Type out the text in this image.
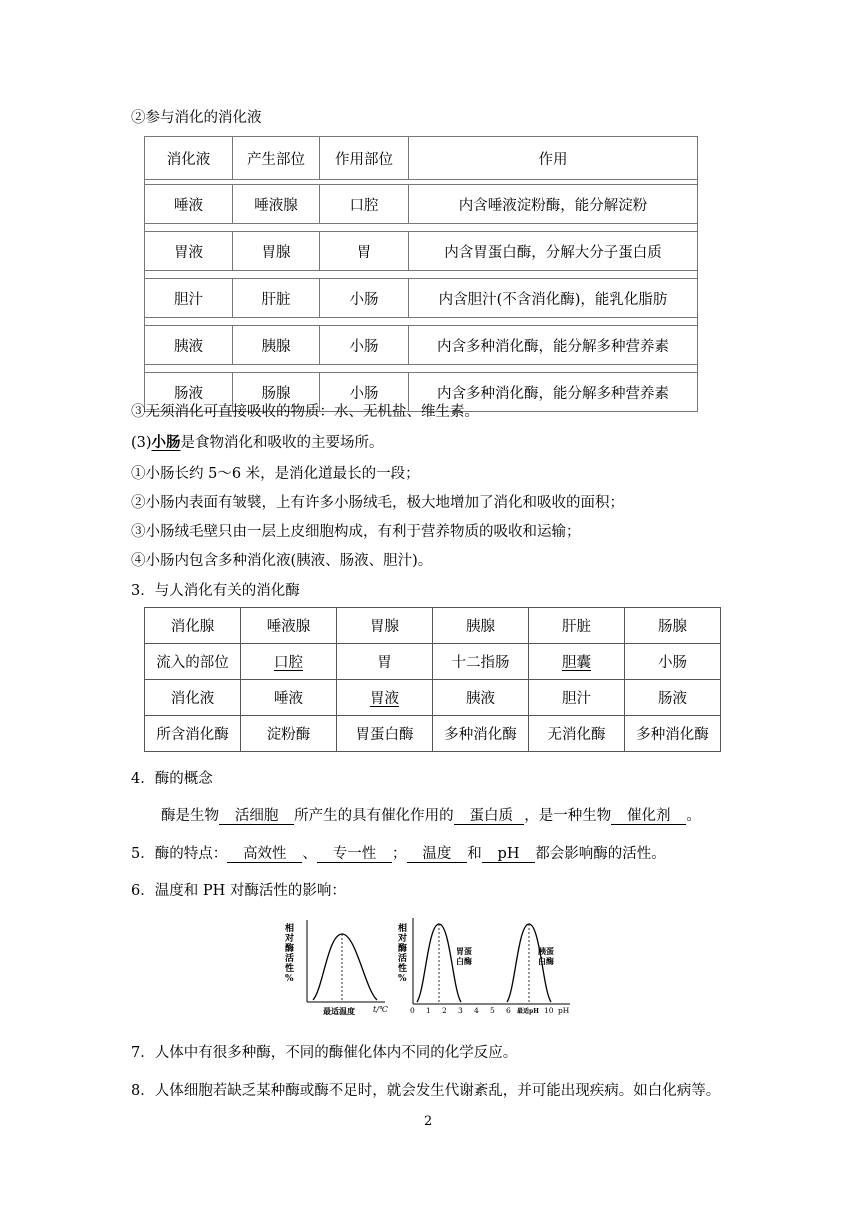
②参与消化的消化液
消化液	产生部位	作用部位	作用
唾液	唾液腺	口腔	内含唾液淀粉酶，能分解淀粉
胃液	胃腺	胃	内含胃蛋白酶，分解大分子蛋白质
胆汁	肝脏	小肠	内含胆汁(不含消化酶)，能乳化脂肪
胰液	胰腺	小肠	内含多种消化酶，能分解多种营养素
肠液	肠腺	小肠	内含多种消化酶，能分解多种营养素
③无须消化可直接吸收的物质：水、无机盐、维生素。
(3)小肠是食物消化和吸收的主要场所。
①小肠长约 5～6 米，是消化道最长的一段；
②小肠内表面有皱襞，上有许多小肠绒毛，极大地增加了消化和吸收的面积；
③小肠绒毛壁只由一层上皮细胞构成，有利于营养物质的吸收和运输；
④小肠内包含多种消化液(胰液、肠液、胆汁)。
3．与人消化有关的消化酶
消化腺	唾液腺	胃腺	胰腺	肝脏	肠腺
流入的部位	口腔	胃	十二指肠	胆囊	小肠
消化液	唾液	胃液	胰液	胆汁	肠液
所含消化酶	淀粉酶	胃蛋白酶	多种消化酶	无消化酶	多种消化酶
4．酶的概念
酶是生物 活细胞 所产生的具有催化作用的 蛋白质 ，是一种生物 催化剂 。
5．酶的特点： 高效性 、 专一性 ； 温度 和 pH 都会影响酶的活性。
6．温度和 PH 对酶活性的影响：
相
对
酶
活
性
%
最适温度 t/℃
相
对
酶
活
性
%
胃蛋
白酶
胰蛋
白酶
0 1 2 3 4 5 6 最适pH 10 pH
7．人体中有很多种酶，不同的酶催化体内不同的化学反应。
8．人体细胞若缺乏某种酶或酶不足时，就会发生代谢紊乱，并可能出现疾病。如白化病等。
2
